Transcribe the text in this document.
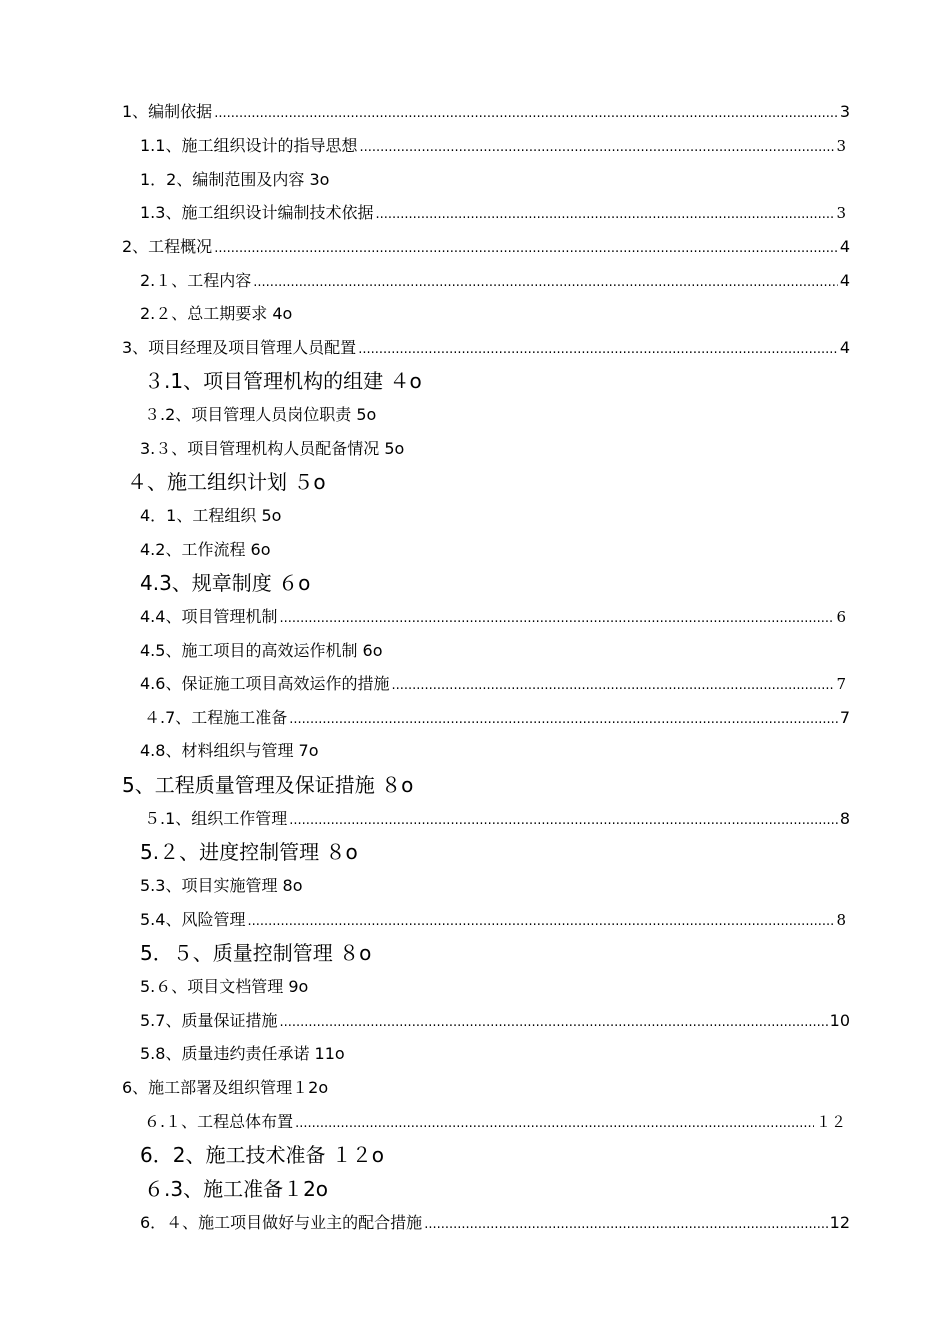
1、编制依据 .....	3
1.1、施工组织设计的指导思想 .....	3
1．2、编制范围及内容 3o
1.3、施工组织设计编制技术依据 .....	3
2、工程概况 .....	4
2.１、工程内容 .....	4
2.２、总工期要求 4o
3、项目经理及项目管理人员配置 .....	4
３.1、项目管理机构的组建 ４o
３.2、项目管理人员岗位职责 5o
3.３、项目管理机构人员配备情况 5o
４、施工组织计划 ５o
4．1、工程组织 5o
4.2、工作流程 6o
4.3、规章制度 ６o
4.4、项目管理机制 .....	6
4.5、施工项目的高效运作机制 6o
4.6、保证施工项目高效运作的措施 .....	7
４.7、工程施工准备 .....	7
4.8、材料组织与管理 7o
5、工程质量管理及保证措施 ８o
５.1、组织工作管理 .....	8
5.２、进度控制管理 ８o
5.3、项目实施管理 8o
5.4、风险管理 .....	8
5．５、质量控制管理 ８o
5.６、项目文档管理 9o
5.7、质量保证措施 .....	10
5.8、质量违约责任承诺 11o
6、施工部署及组织管理１2o
６.１、工程总体布置 .....	１２
6．2、施工技术准备 １２o
６.3、施工准备１2o
6．４、施工项目做好与业主的配合措施 .....	12
